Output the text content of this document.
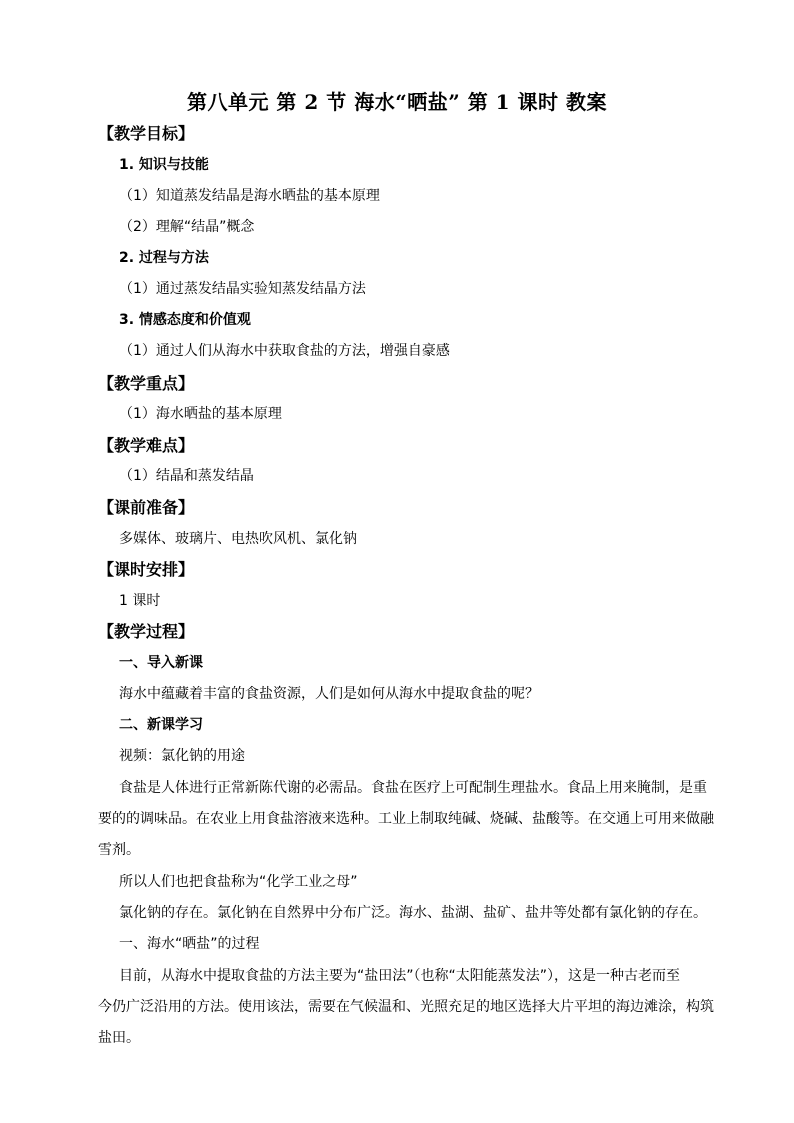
第八单元 第 2 节 海水“晒盐” 第 1 课时 教案
【教学目标】
1. 知识与技能
（1）知道蒸发结晶是海水晒盐的基本原理
（2）理解“结晶”概念
2. 过程与方法
（1）通过蒸发结晶实验知蒸发结晶方法
3. 情感态度和价值观
（1）通过人们从海水中获取食盐的方法，增强自豪感
【教学重点】
（1）海水晒盐的基本原理
【教学难点】
（1）结晶和蒸发结晶
【课前准备】
多媒体、玻璃片、电热吹风机、氯化钠
【课时安排】
1 课时
【教学过程】
一、导入新课
海水中蕴藏着丰富的食盐资源，人们是如何从海水中提取食盐的呢？
二、新课学习
视频：氯化钠的用途
食盐是人体进行正常新陈代谢的必需品。食盐在医疗上可配制生理盐水。食品上用来腌制，是重
要的的调味品。在农业上用食盐溶液来选种。工业上制取纯碱、烧碱、盐酸等。在交通上可用来做融
雪剂。
所以人们也把食盐称为“化学工业之母”
氯化钠的存在。氯化钠在自然界中分布广泛。海水、盐湖、盐矿、盐井等处都有氯化钠的存在。
一、海水“晒盐”的过程
目前，从海水中提取食盐的方法主要为“盐田法”（也称“太阳能蒸发法”），这是一种古老而至
今仍广泛沿用的方法。使用该法，需要在气候温和、光照充足的地区选择大片平坦的海边滩涂，构筑
盐田。
